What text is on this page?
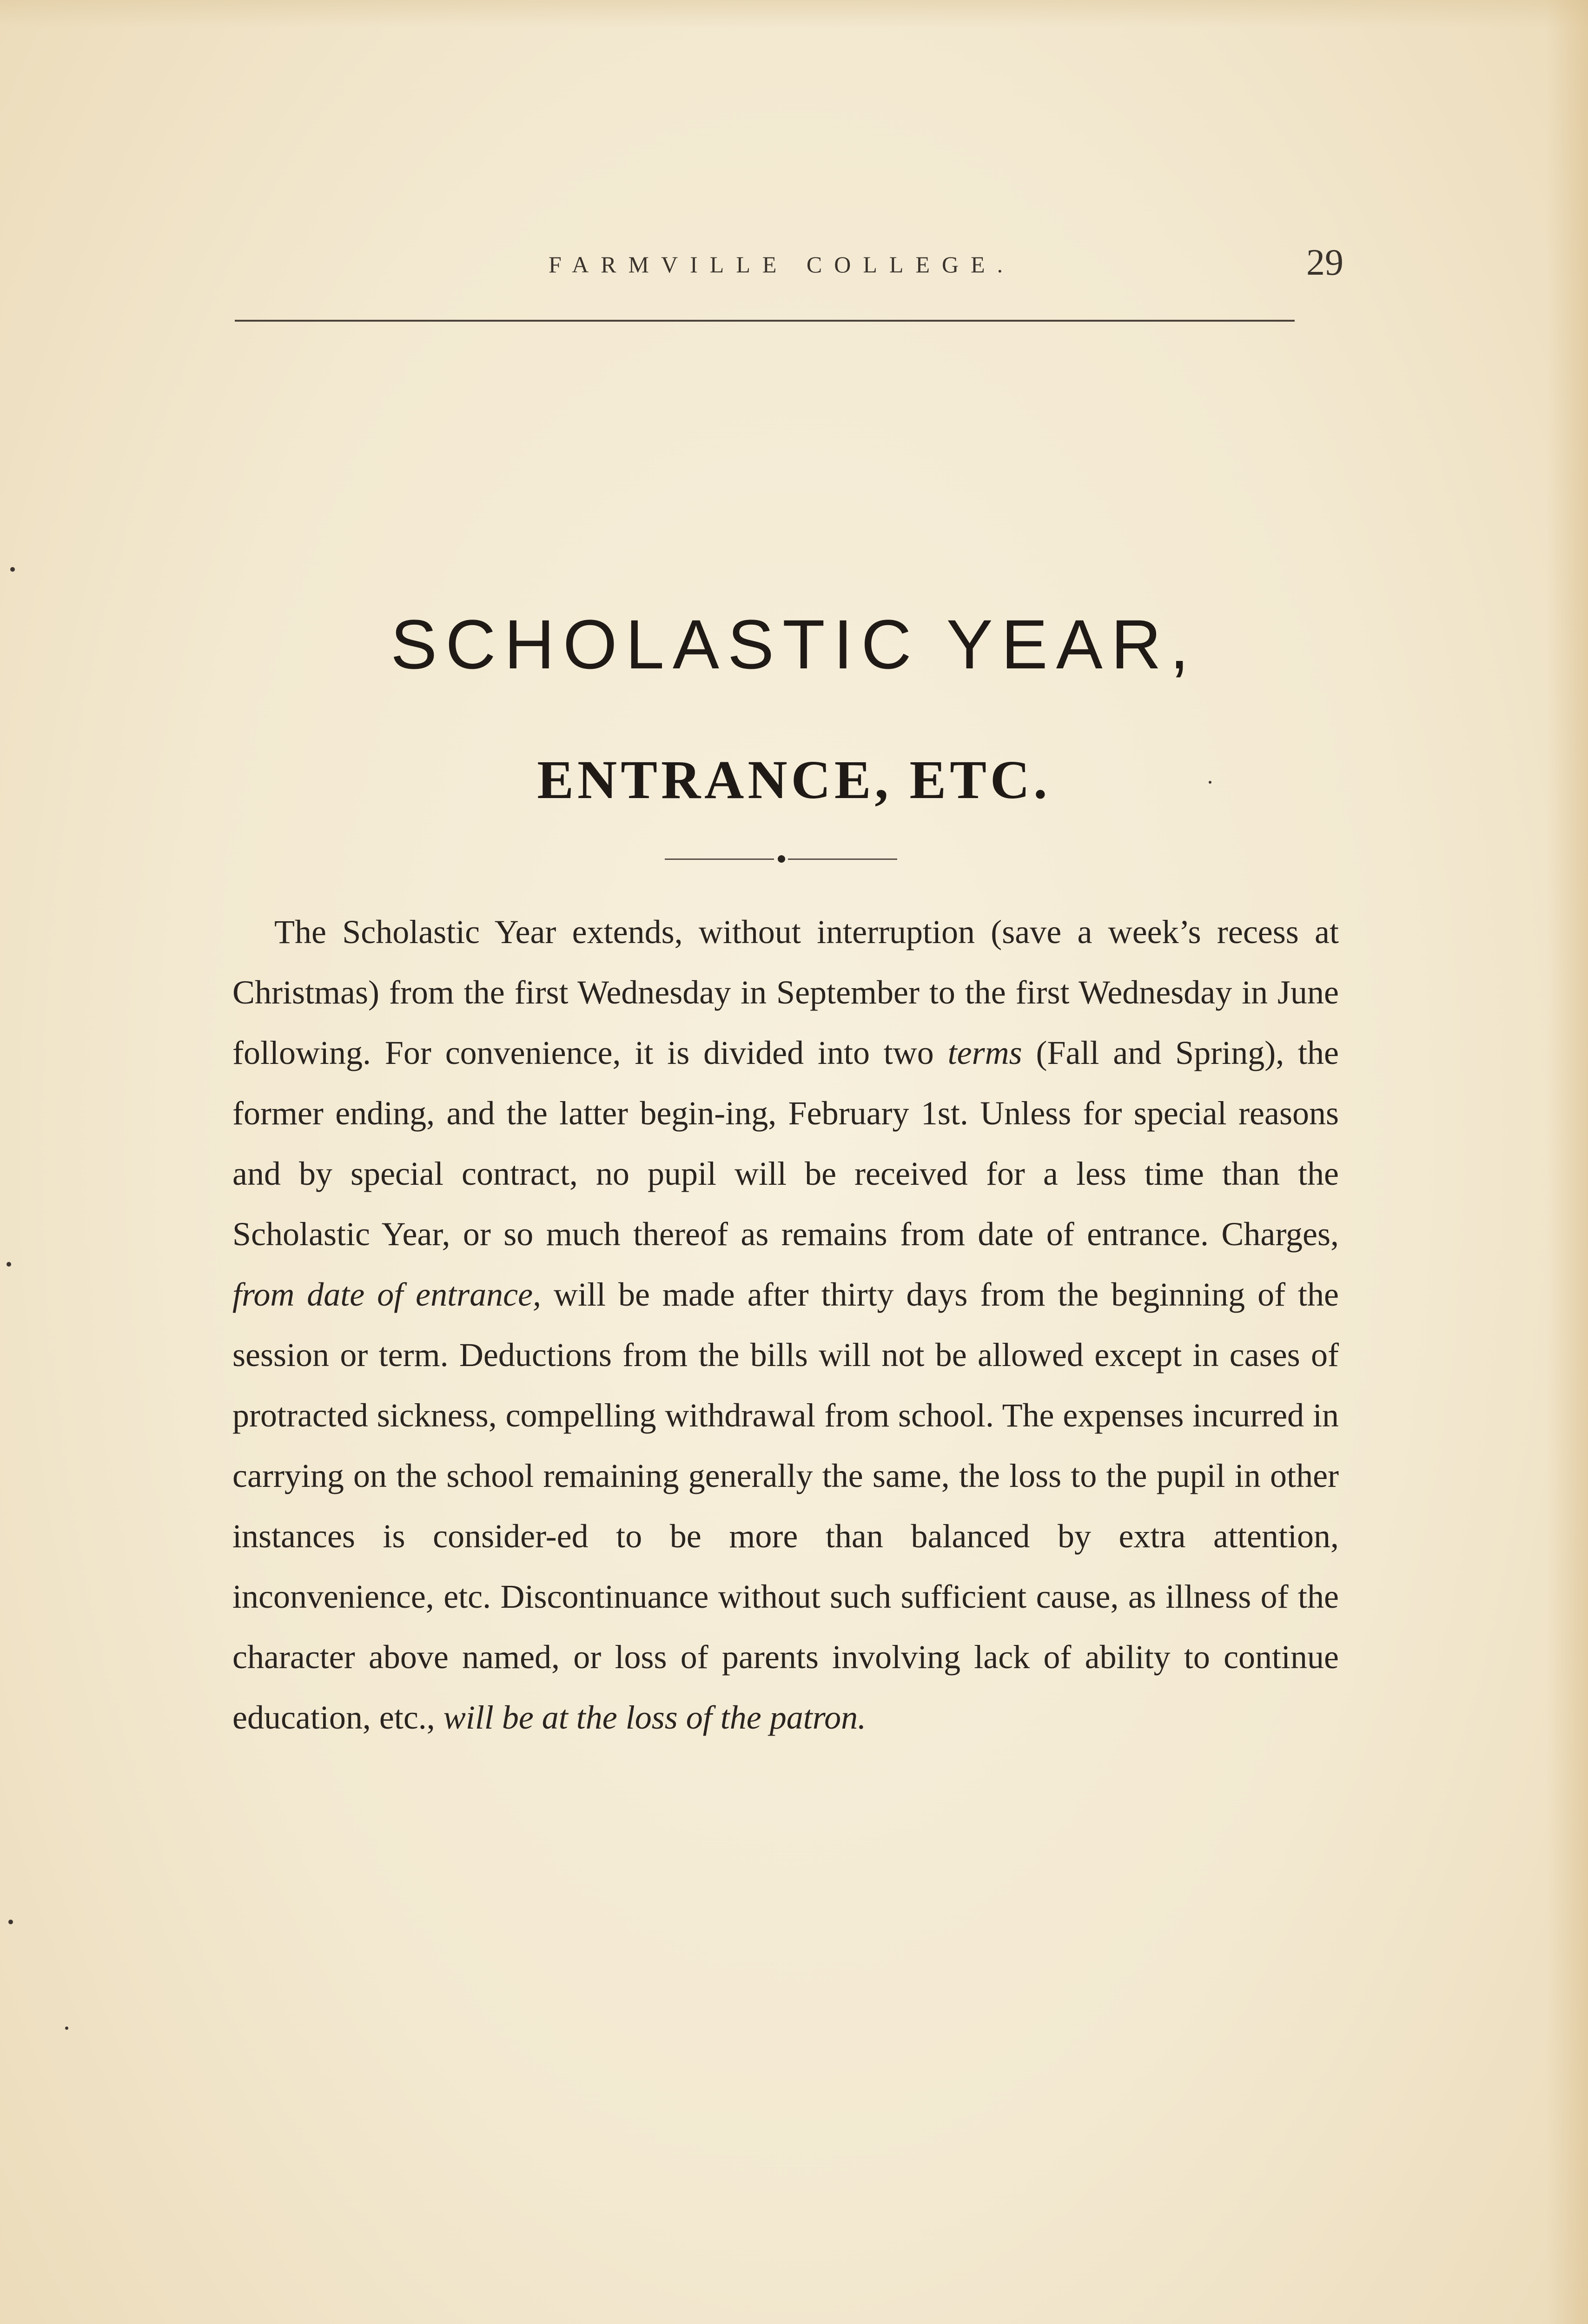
FARMVILLE COLLEGE.	29
SCHOLASTIC YEAR,
ENTRANCE, ETC.

The Scholastic Year extends, without interruption (save a week’s recess at Christmas) from the first Wednesday in September to the first Wednesday in June following. For convenience, it is divided into two terms (Fall and Spring), the former ending, and the latter begin-ing, February 1st. Unless for special reasons and by special contract, no pupil will be received for a less time than the Scholastic Year, or so much thereof as remains from date of entrance. Charges, from date of entrance, will be made after thirty days from the beginning of the session or term. Deductions from the bills will not be allowed except in cases of protracted sickness, compelling withdrawal from school. The expenses incurred in carrying on the school remaining generally the same, the loss to the pupil in other instances is consider-ed to be more than balanced by extra attention, inconvenience, etc. Discontinuance without such sufficient cause, as illness of the character above named, or loss of parents involving lack of ability to continue education, etc., will be at the loss of the patron.
